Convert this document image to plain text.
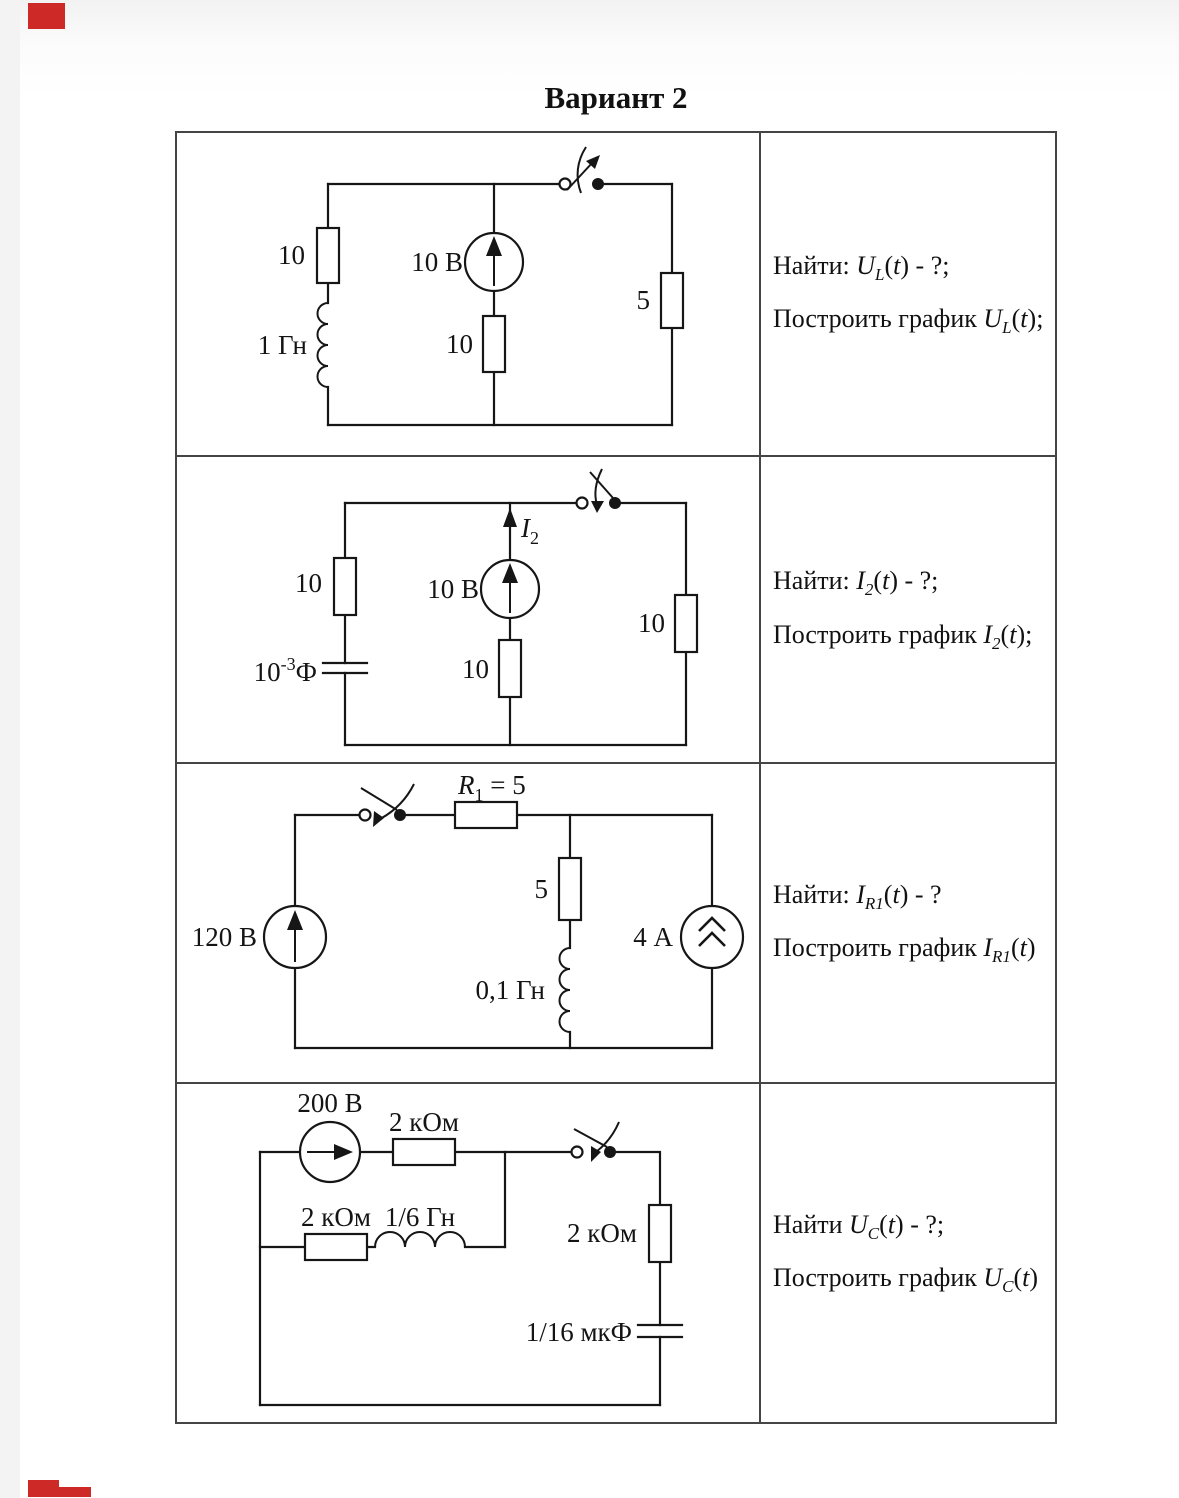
Вариант 2
10
1 Гн
10 В
10
5

Найти: $U_L(t)$ - ?;

Построить график $U_L(t)$;

10
$10^{-3}Ф$
$I_2$
10 В
10
10

Найти: $I_2(t)$ - ?;

Построить график $I_2(t)$;

$R_1 = 5$
120 В
5
0,1 Гн
4 А

Найти: $I_{R1}(t)$ - ?

Построить график $I_{R1}(t)$

200 В
2 кОм
2 кОм 1/6 Гн
2 кОм
1/16 мкФ

Найти $U_C(t)$ - ?;

Построить график $U_C(t)$
